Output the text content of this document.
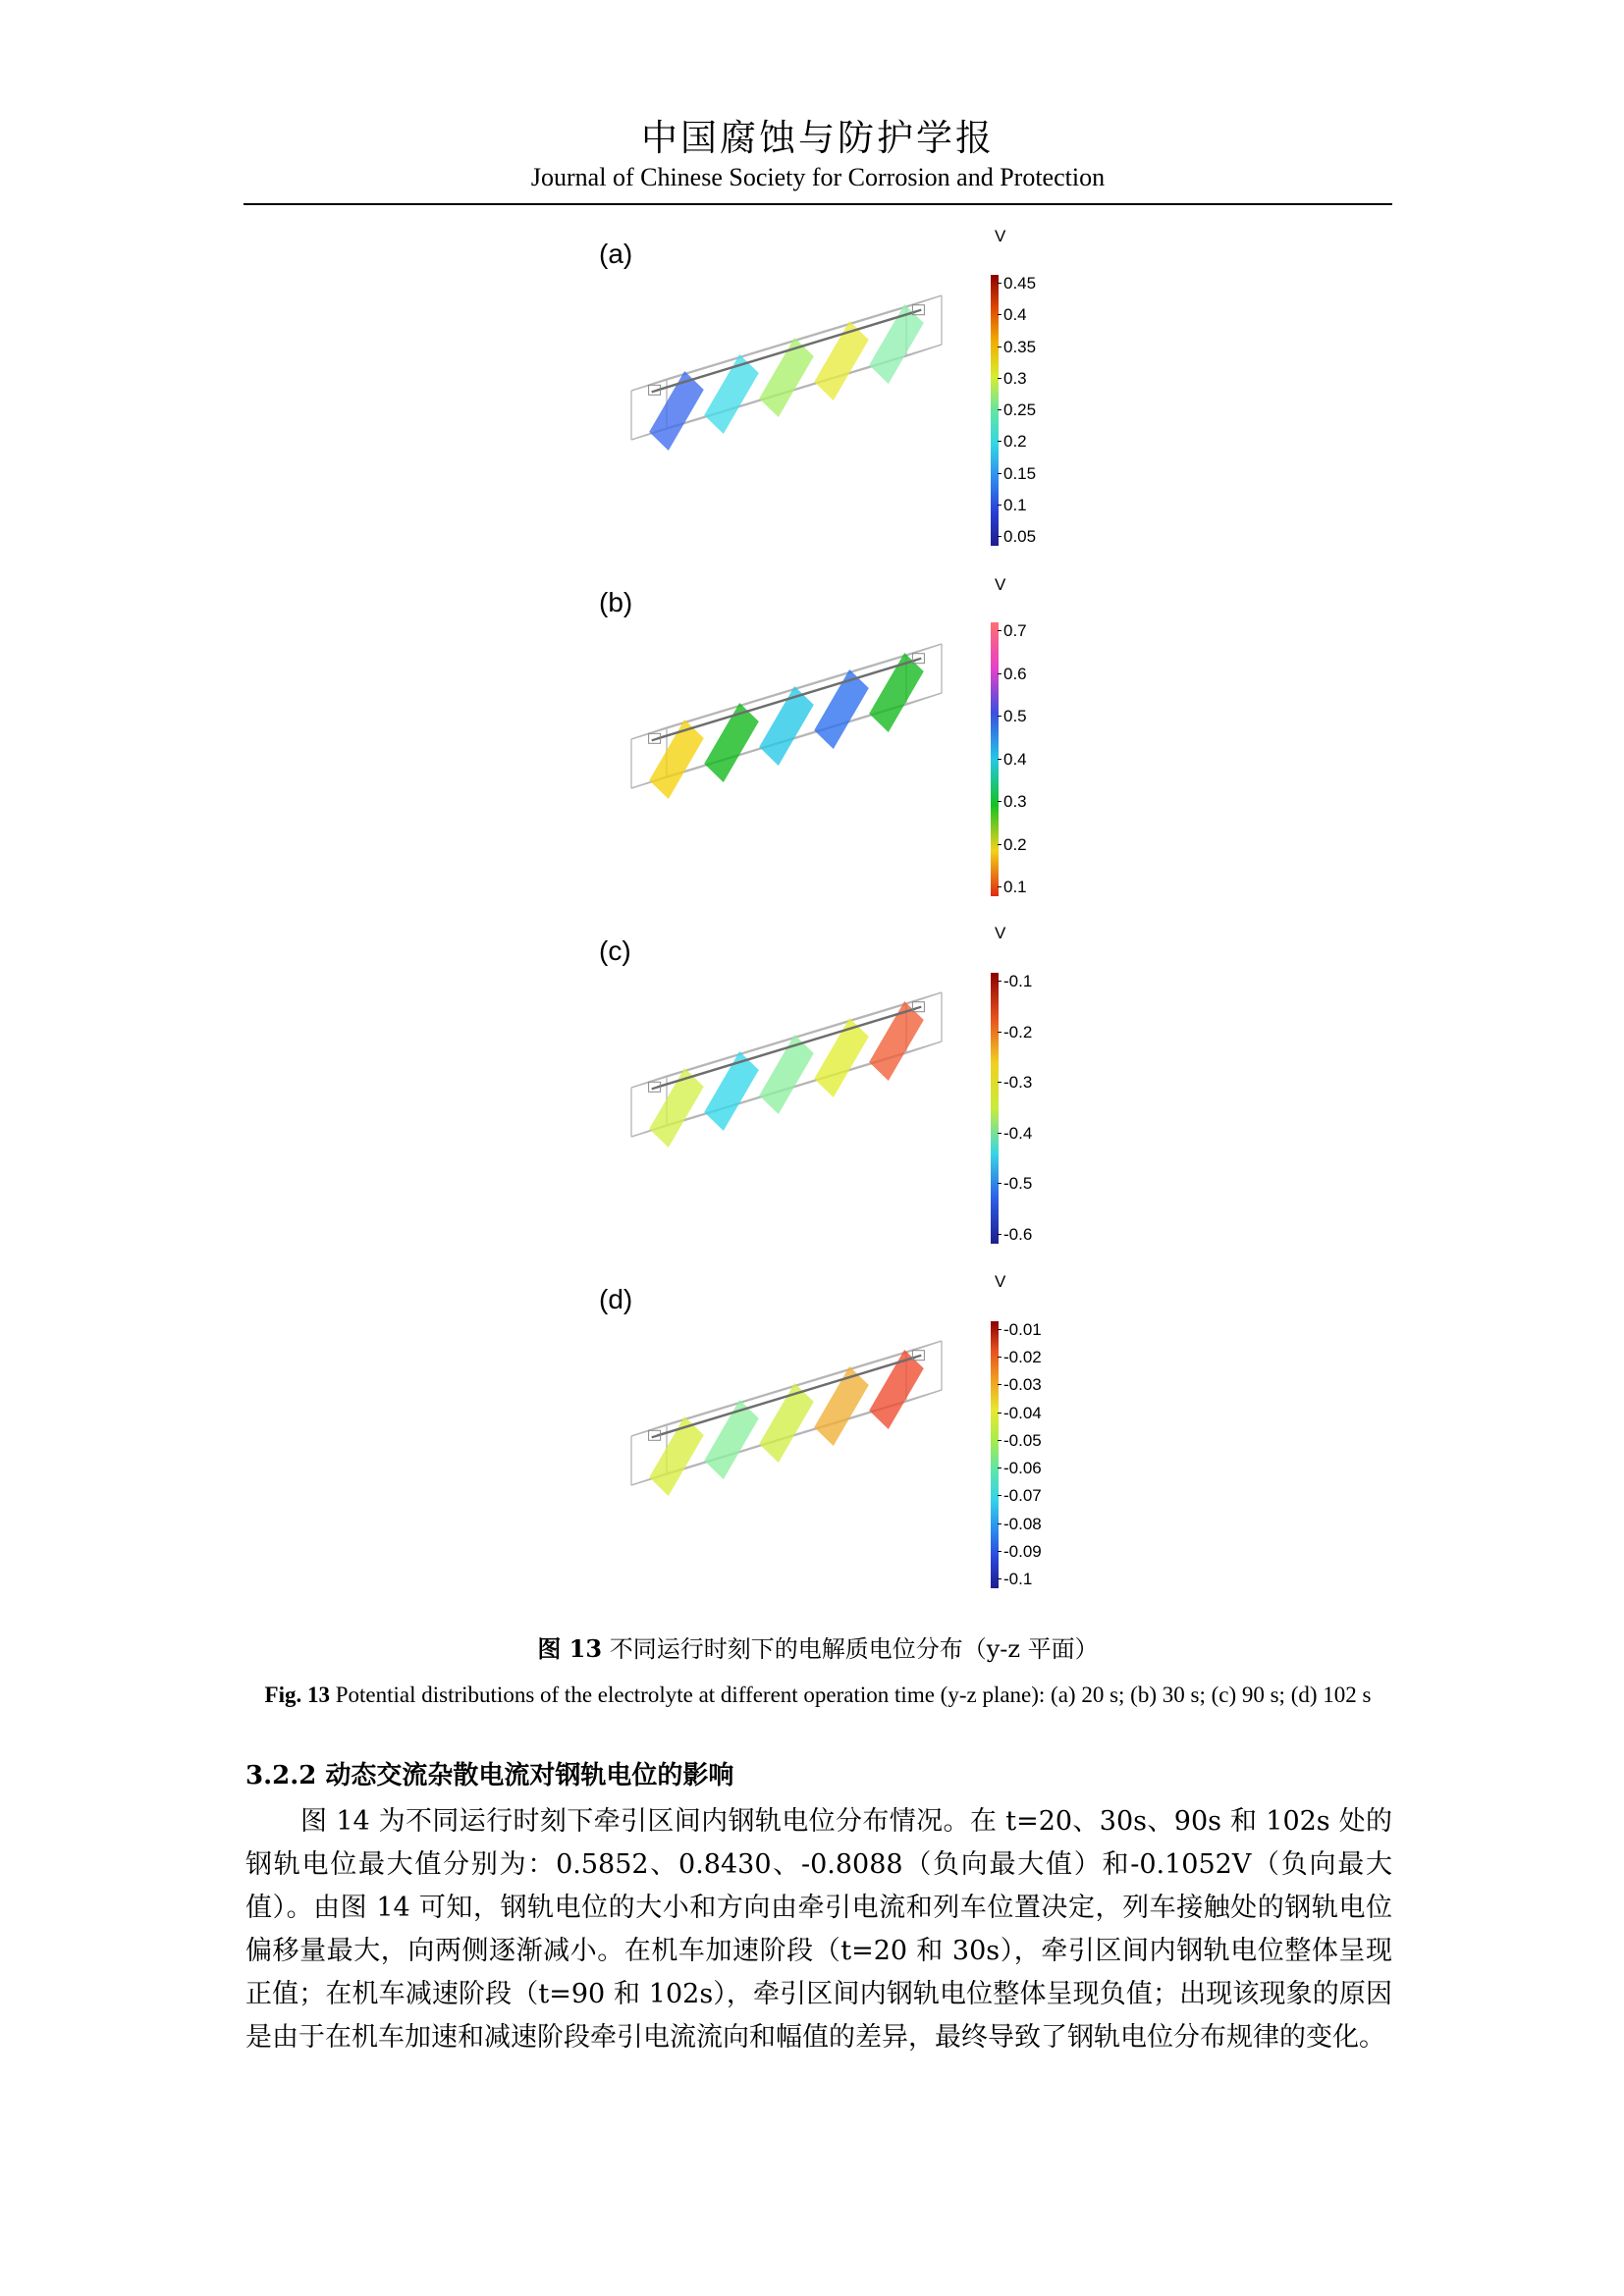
中国腐蚀与防护学报
Journal of Chinese Society for Corrosion and Protection
(a)
V
0.45
0.4
0.35
0.3
0.25
0.2
0.15
0.1
0.05
(b)
V
0.7
0.6
0.5
0.4
0.3
0.2
0.1
(c)
V
-0.1
-0.2
-0.3
-0.4
-0.5
-0.6
(d)
V
-0.01
-0.02
-0.03
-0.04
-0.05
-0.06
-0.07
-0.08
-0.09
-0.1
图 13 不同运行时刻下的电解质电位分布（y-z 平面）
Fig. 13 Potential distributions of the electrolyte at different operation time (y-z plane): (a) 20 s; (b) 30 s; (c) 90 s; (d) 102 s
3.2.2 动态交流杂散电流对钢轨电位的影响
图 14 为不同运行时刻下牵引区间内钢轨电位分布情况。在 t=20、30s、90s 和 102s 处的钢轨电位最大值分别为：0.5852、0.8430、-0.8088（负向最大值）和-0.1052V（负向最大值）。由图 14 可知，钢轨电位的大小和方向由牵引电流和列车位置决定，列车接触处的钢轨电位偏移量最大，向两侧逐渐减小。在机车加速阶段（t=20 和 30s），牵引区间内钢轨电位整体呈现正值；在机车减速阶段（t=90 和 102s），牵引区间内钢轨电位整体呈现负值；出现该现象的原因是由于在机车加速和减速阶段牵引电流流向和幅值的差异，最终导致了钢轨电位分布规律的变化。
